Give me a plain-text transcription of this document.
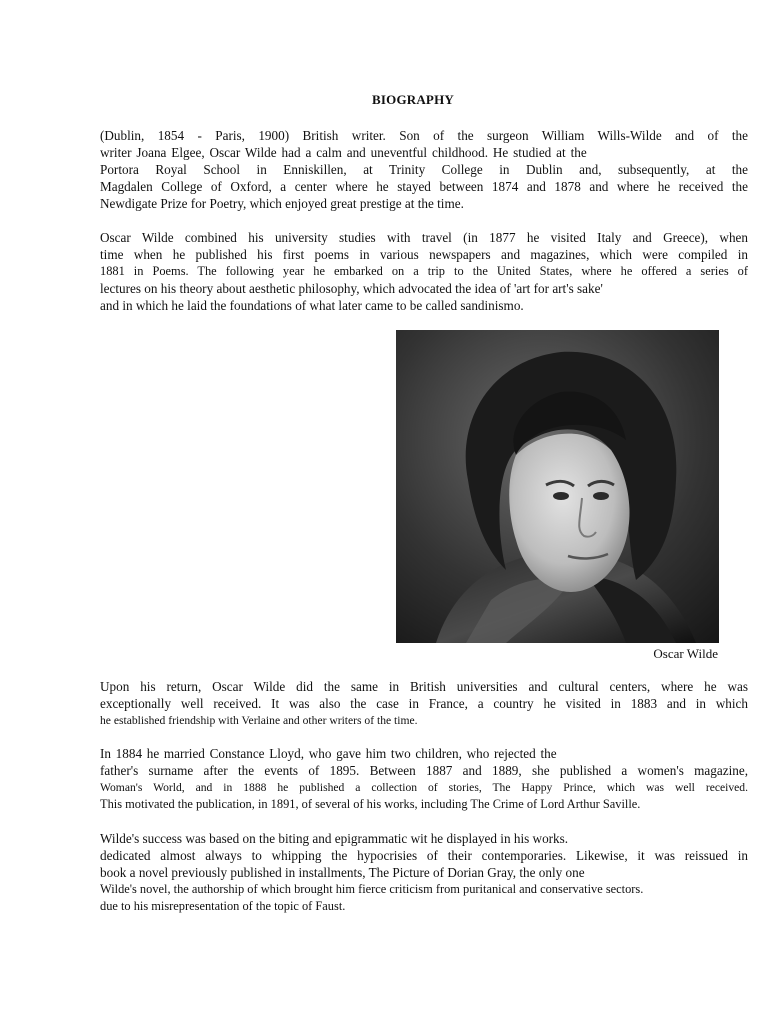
BIOGRAPHY
(Dublin, 1854 - Paris, 1900) British writer. Son of the surgeon William Wills-Wilde and of the
writer Joana Elgee, Oscar Wilde had a calm and uneventful childhood. He studied at the
Portora Royal School in Enniskillen, at Trinity College in Dublin and, subsequently, at the
Magdalen College of Oxford, a center where he stayed between 1874 and 1878 and where he received the
Newdigate Prize for Poetry, which enjoyed great prestige at the time.
Oscar Wilde combined his university studies with travel (in 1877 he visited Italy and Greece), when
time when he published his first poems in various newspapers and magazines, which were compiled in
1881 in Poems. The following year he embarked on a trip to the United States, where he offered a series of
lectures on his theory about aesthetic philosophy, which advocated the idea of 'art for art's sake'
and in which he laid the foundations of what later came to be called sandinismo.
Oscar Wilde
Upon his return, Oscar Wilde did the same in British universities and cultural centers, where he was
exceptionally well received. It was also the case in France, a country he visited in 1883 and in which
he established friendship with Verlaine and other writers of the time.
In 1884 he married Constance Lloyd, who gave him two children, who rejected the
father's surname after the events of 1895. Between 1887 and 1889, she published a women's magazine,
Woman's World, and in 1888 he published a collection of stories, The Happy Prince, which was well received.
This motivated the publication, in 1891, of several of his works, including The Crime of Lord Arthur Saville.
Wilde's success was based on the biting and epigrammatic wit he displayed in his works.
dedicated almost always to whipping the hypocrisies of their contemporaries. Likewise, it was reissued in
book a novel previously published in installments, The Picture of Dorian Gray, the only one
Wilde's novel, the authorship of which brought him fierce criticism from puritanical and conservative sectors.
due to his misrepresentation of the topic of Faust.
